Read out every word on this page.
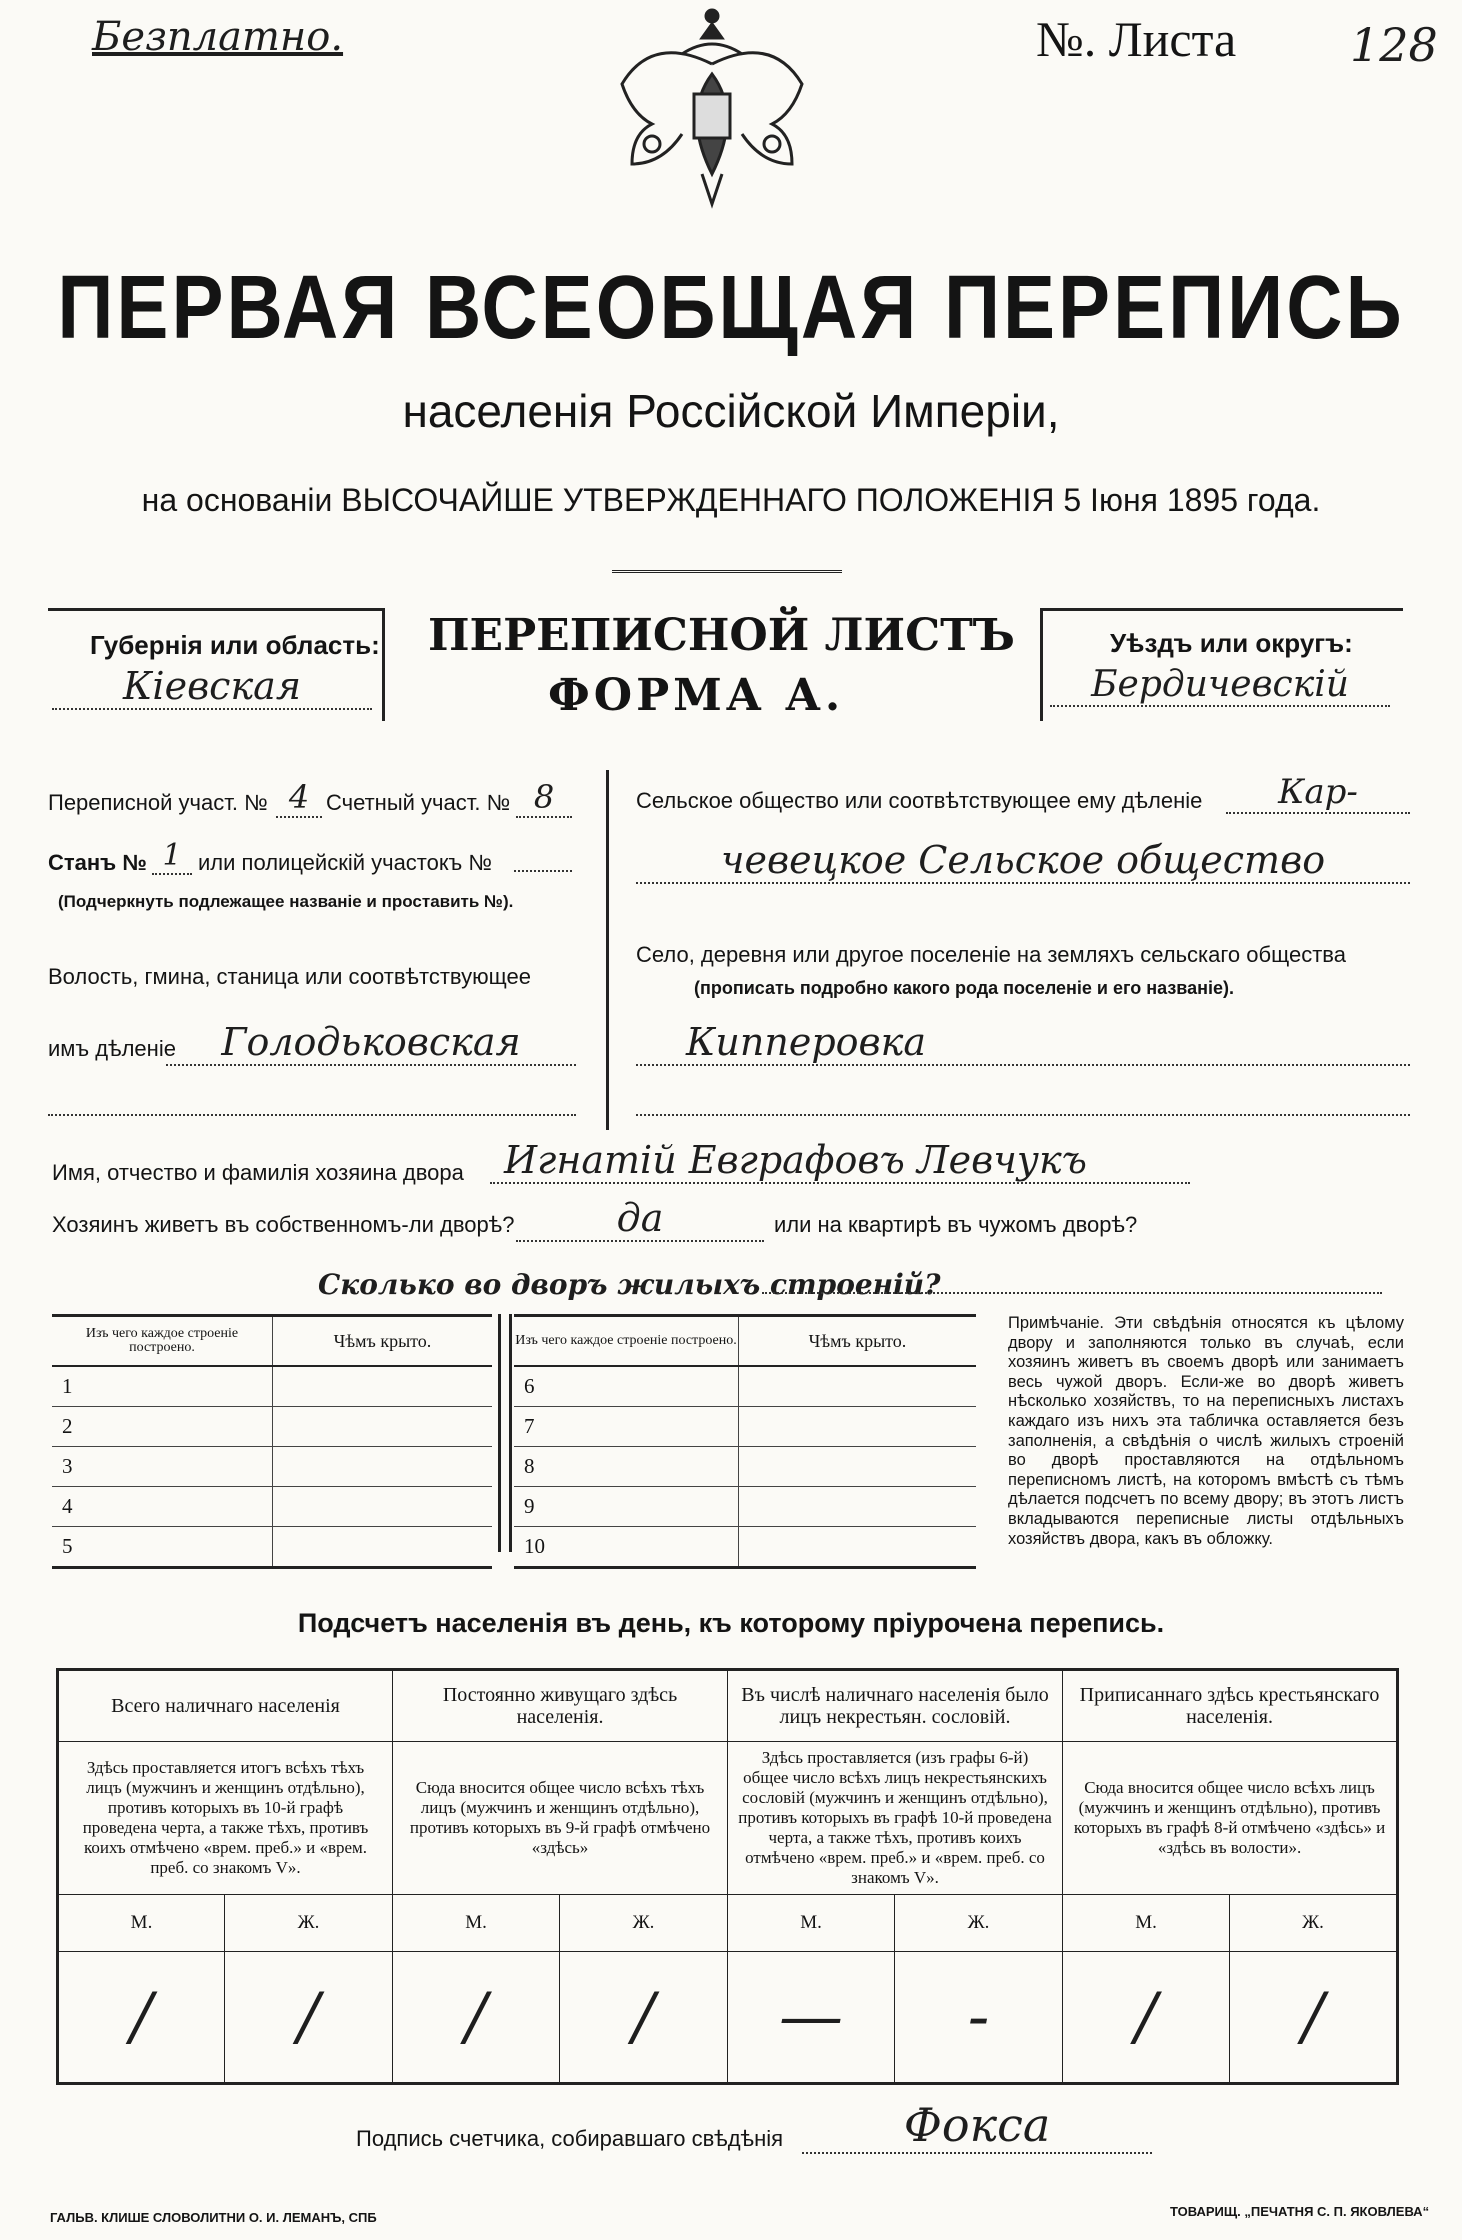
Безплатно.	№. Листа 128
ПЕРВАЯ ВСЕОБЩАЯ ПЕРЕПИСЬ
населенія Россійской Имперіи,
на основаніи ВЫСОЧАЙШЕ УТВЕРЖДЕННАГО ПОЛОЖЕНІЯ 5 Іюня 1895 года.
Губернія или область:
Кіевская
ПЕРЕПИСНОЙ ЛИСТЪ
ФОРМА А.
Уѣздъ или округъ:
Бердичевскій
Переписной участ. № 4 Счетный участ. № 8
Станъ № 1 или полицейскій участокъ №
(Подчеркнуть подлежащее названіе и проставить №).
Волость, гмина, станица или соотвѣтствующее
имъ дѣленіе	Голодьковская
Сельское общество или соотвѣтствующее ему дѣленіе	Кар-
чевецкое Сельское общество
Село, деревня или другое поселеніе на земляхъ сельскаго общества
(прописать подробно какого рода поселеніе и его названіе).
Кипперовка
Имя, отчество и фамилія хозяина двора	Игнатій Евграфовъ Левчукъ
Хозяинъ живетъ въ собственномъ-ли дворѣ?	да	или на квартирѣ въ чужомъ дворѣ?
Сколько во дворъ жилыхъ строеній?
Изъ чего каждое строеніе построено.	Чѣмъ крыто.
1	
2	
3	
4	
5	
Изъ чего каждое строеніе построено.	Чѣмъ крыто.
6	
7	
8	
9	
10	
Примѣчаніе. Эти свѣдѣнія относятся къ цѣлому двору и заполняются только въ случаѣ, если хозяинъ живетъ въ своемъ дворѣ или занимаетъ весь чужой дворъ. Если-же во дворѣ живетъ нѣсколько хозяйствъ, то на переписныхъ листахъ каждаго изъ нихъ эта табличка оставляется безъ заполненія, а свѣдѣнія о числѣ жилыхъ строеній во дворѣ проставляются на отдѣльномъ переписномъ листѣ, на которомъ вмѣстѣ съ тѣмъ дѣлается подсчетъ по всему двору; въ этотъ листъ вкладываются переписные листы отдѣльныхъ хозяйствъ двора, какъ въ обложку.
Подсчетъ населенія въ день, къ которому пріурочена перепись.
Всего наличнаго населенія		Постоянно живущаго здѣсь населенія.		Въ числѣ наличнаго населенія было лицъ некрестьян. сословій.		Приписаннаго здѣсь крестьянскаго населенія.	
Здѣсь проставляется итогъ всѣхъ тѣхъ лицъ (мужчинъ и женщинъ отдѣльно), противъ которыхъ въ 10-й графѣ проведена черта, а также тѣхъ, противъ коихъ отмѣчено «врем. преб.» и «врем. преб. со знакомъ V».		Сюда вносится общее число всѣхъ тѣхъ лицъ (мужчинъ и женщинъ отдѣльно), противъ которыхъ въ 9-й графѣ отмѣчено «здѣсь»		Здѣсь проставляется (изъ графы 6-й) общее число всѣхъ лицъ некрестьянскихъ сословій (мужчинъ и женщинъ отдѣльно), противъ которыхъ въ графѣ 10-й проведена черта, а также тѣхъ, противъ коихъ отмѣчено «врем. преб.» и «врем. преб. со знакомъ V».		Сюда вносится общее число всѣхъ лицъ (мужчинъ и женщинъ отдѣльно), противъ которыхъ въ графѣ 8-й отмѣчено «здѣсь» и «здѣсь въ волости».	
М.	Ж.	М.	Ж.	М.	Ж.	М.	Ж.
/	/	/	/	—	-	/	/
Подпись счетчика, собиравшаго свѣдѣнія	Фокса
ГАЛЬВ. КЛИШЕ СЛОВОЛИТНИ О. И. ЛЕМАНЪ, СПБ	ТОВАРИЩ. „ПЕЧАТНЯ С. П. ЯКОВЛЕВА“
